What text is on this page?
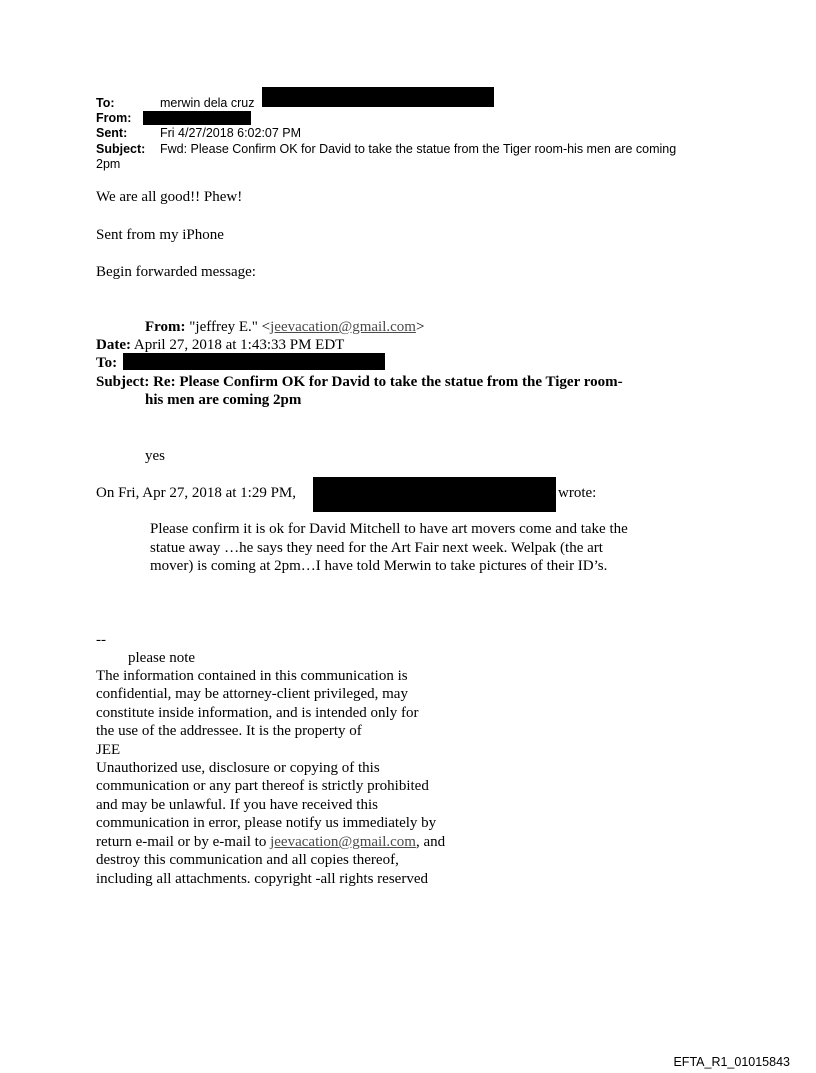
To:	merwin dela cruz
From:
Sent:	Fri 4/27/2018 6:02:07 PM
Subject: Fwd: Please Confirm OK for David to take the statue from the Tiger room-his men are coming
2pm
We are all good!! Phew!
Sent from my iPhone
Begin forwarded message:
From: "jeffrey E." <jeevacation@gmail.com>
Date: April 27, 2018 at 1:43:33 PM EDT
To:
Subject: Re: Please Confirm OK for David to take the statue from the Tiger room-
his men are coming 2pm
yes
On Fri, Apr 27, 2018 at 1:29 PM,	wrote:
Please confirm it is ok for David Mitchell to have art movers come and take the
statue away …he says they need for the Art Fair next week. Welpak (the art
mover) is coming at 2pm…I have told Merwin to take pictures of their ID’s.
--
please note
The information contained in this communication is
confidential, may be attorney-client privileged, may
constitute inside information, and is intended only for
the use of the addressee. It is the property of
JEE
Unauthorized use, disclosure or copying of this
communication or any part thereof is strictly prohibited
and may be unlawful. If you have received this
communication in error, please notify us immediately by
return e-mail or by e-mail to jeevacation@gmail.com, and
destroy this communication and all copies thereof,
including all attachments. copyright -all rights reserved
EFTA_R1_01015843
